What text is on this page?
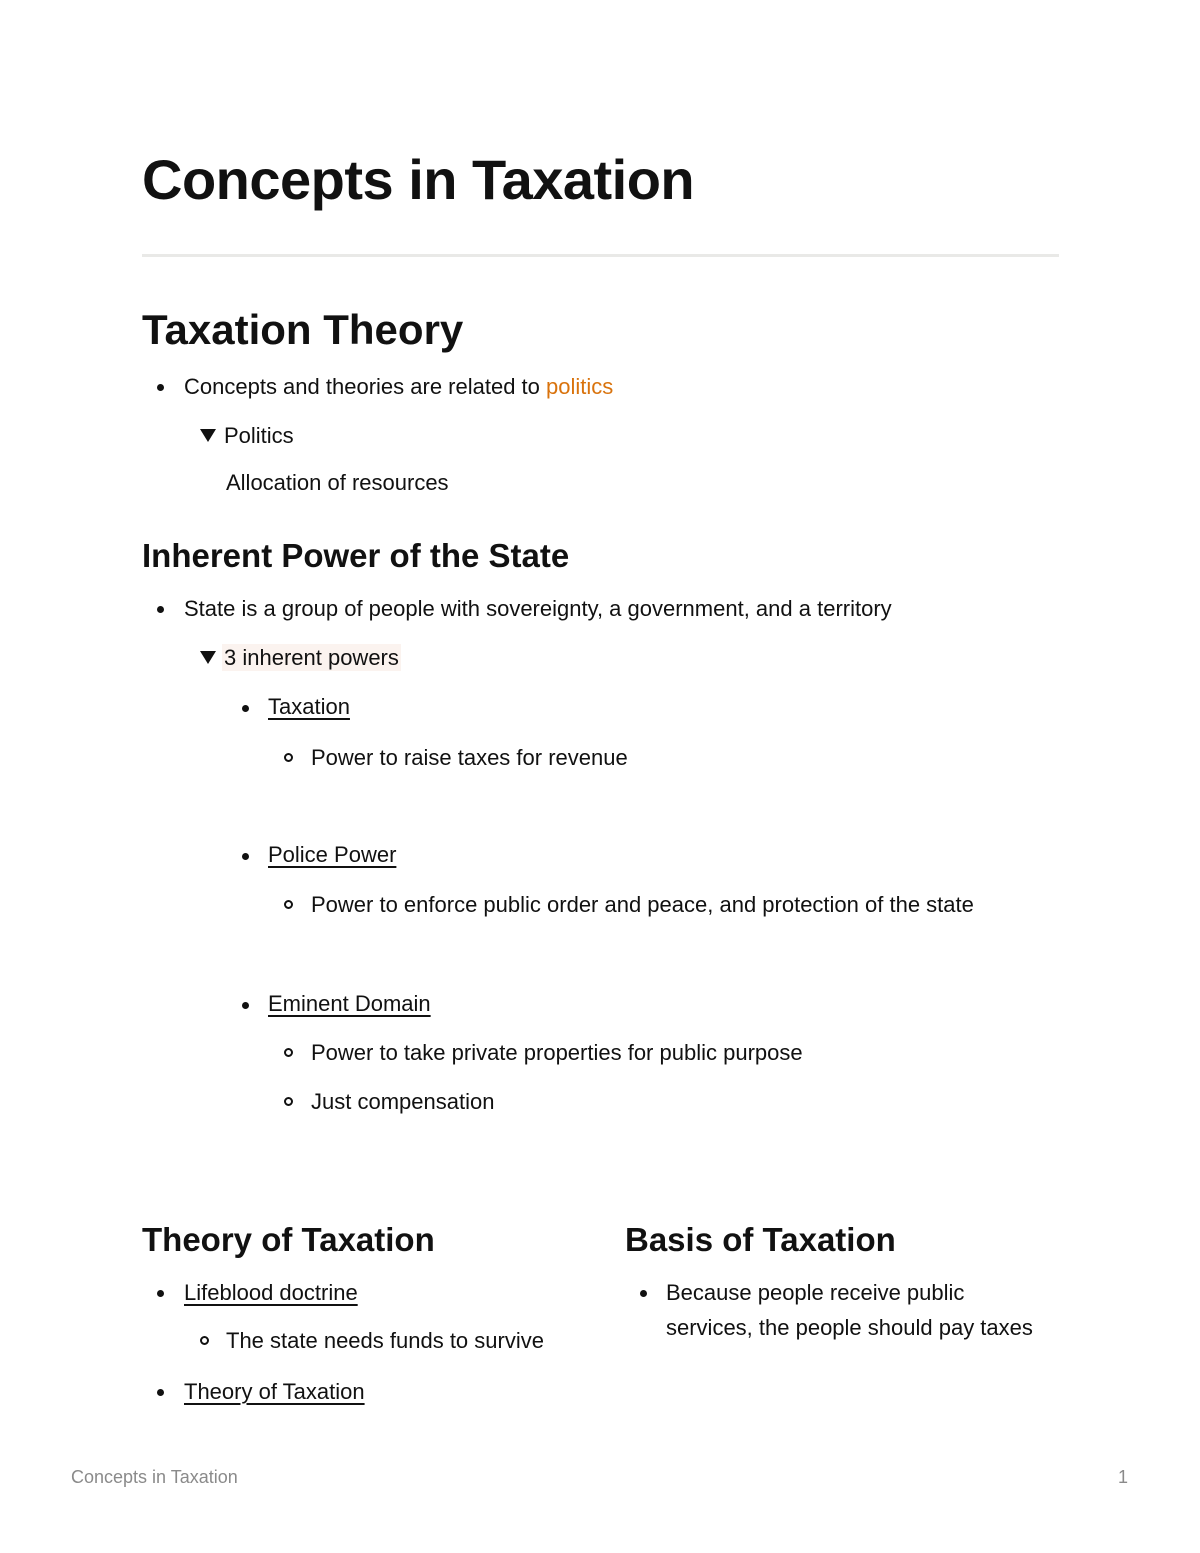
Concepts in Taxation
Taxation Theory
Concepts and theories are related to politics
Politics
Allocation of resources
Inherent Power of the State
State is a group of people with sovereignty, a government, and a territory
3 inherent powers
Taxation
Power to raise taxes for revenue
Police Power
Power to enforce public order and peace, and protection of the state
Eminent Domain
Power to take private properties for public purpose
Just compensation
Theory of Taxation
Lifeblood doctrine
The state needs funds to survive
Theory of Taxation
Basis of Taxation
Because people receive public
services, the people should pay taxes
Concepts in Taxation	1
